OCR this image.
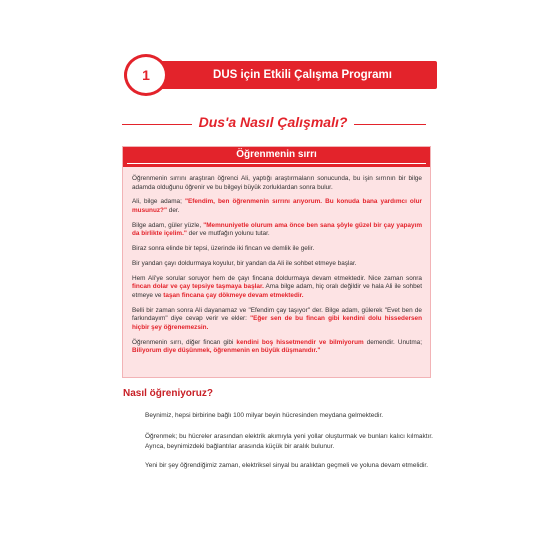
DUS için Etkili Çalışma Programı
1
Dus'a Nasıl Çalışmalı?
Öğrenmenin sırrı

Öğrenmenin sırrını araştıran öğrenci Ali, yaptığı araştırmaların sonucunda, bu işin sırrının bir bilge adamda olduğunu öğrenir ve bu bilgeyi büyük zorluklardan sonra bulur.

Ali, bilge adama; "Efendim, ben öğrenmenin sırrını arıyorum. Bu konuda bana yardımcı olur musunuz?" der.

Bilge adam, güler yüzle, "Memnuniyetle olurum ama önce ben sana şöyle güzel bir çay yapayım da birlikte içelim." der ve mutfağın yolunu tutar.

Biraz sonra elinde bir tepsi, üzerinde iki fincan ve demlik ile gelir.

Bir yandan çayı doldurmaya koyulur, bir yandan da Ali ile sohbet etmeye başlar.

Hem Ali'ye sorular soruyor hem de çayı fincana doldurmaya devam etmektedir. Nice zaman sonra fincan dolar ve çay tepsiye taşmaya başlar. Ama bilge adam, hiç oralı değildir ve hala Ali ile sohbet etmeye ve taşan fincana çay dökmeye devam etmektedir.

Belli bir zaman sonra Ali dayanamaz ve "Efendim çay taşıyor" der. Bilge adam, gülerek "Evet ben de farkındayım" diye cevap verir ve ekler: "Eğer sen de bu fincan gibi kendini dolu hissedersen hiçbir şey öğrenemezsin.

Öğrenmenin sırrı, diğer fincan gibi kendini boş hissetmendir ve bilmiyorum demendir. Unutma; Biliyorum diye düşünmek, öğrenmenin en büyük düşmanıdır."

Nasıl öğreniyoruz?

Beynimiz, hepsi birbirine bağlı 100 milyar beyin hücresinden meydana gelmektedir.

Öğrenmek; bu hücreler arasından elektrik akımıyla yeni yollar oluşturmak ve bunları kalıcı kılmaktır. Ayrıca, beynimizdeki bağlantılar arasında küçük bir aralık bulunur.

Yeni bir şey öğrendiğimiz zaman, elektriksel sinyal bu aralıktan geçmeli ve yoluna devam etmelidir.
